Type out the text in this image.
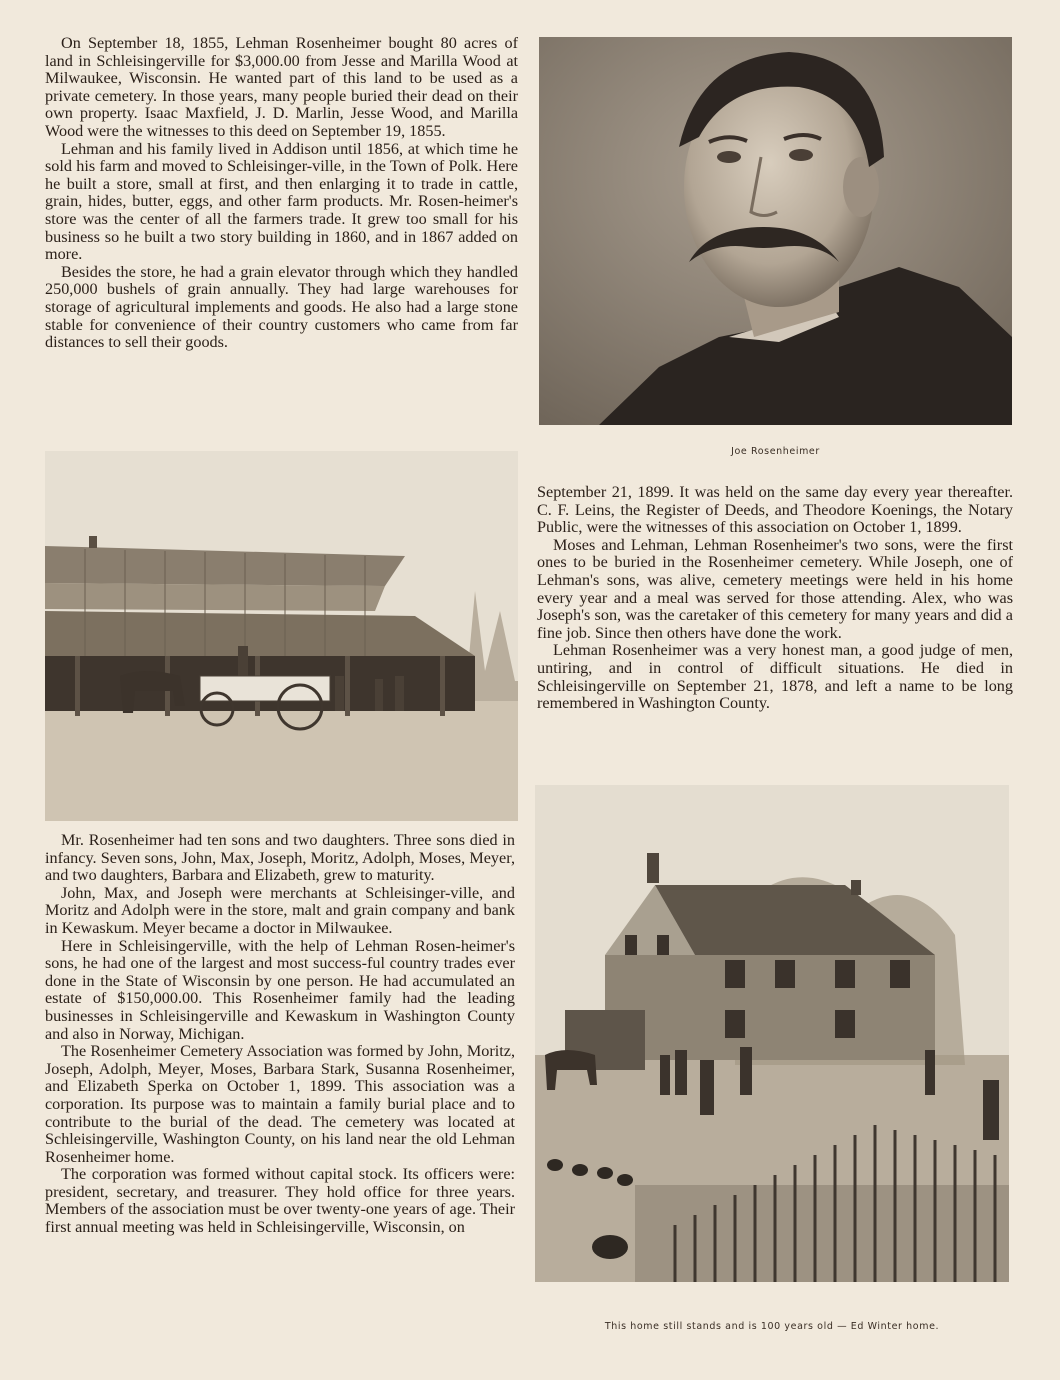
On September 18, 1855, Lehman Rosenheimer bought 80 acres of land in Schleisingerville for $3,000.00 from Jesse and Marilla Wood at Milwaukee, Wisconsin. He wanted part of this land to be used as a private cemetery. In those years, many people buried their dead on their own property. Isaac Maxfield, J. D. Marlin, Jesse Wood, and Marilla Wood were the witnesses to this deed on September 19, 1855.

Lehman and his family lived in Addison until 1856, at which time he sold his farm and moved to Schleisinger-ville, in the Town of Polk. Here he built a store, small at first, and then enlarging it to trade in cattle, grain, hides, butter, eggs, and other farm products. Mr. Rosen-heimer's store was the center of all the farmers trade. It grew too small for his business so he built a two story building in 1860, and in 1867 added on more.

Besides the store, he had a grain elevator through which they handled 250,000 bushels of grain annually. They had large warehouses for storage of agricultural implements and goods. He also had a large stone stable for convenience of their country customers who came from far distances to sell their goods.

Joe Rosenheimer

Mr. Rosenheimer had ten sons and two daughters. Three sons died in infancy. Seven sons, John, Max, Joseph, Moritz, Adolph, Moses, Meyer, and two daughters, Barbara and Elizabeth, grew to maturity.

John, Max, and Joseph were merchants at Schleisinger-ville, and Moritz and Adolph were in the store, malt and grain company and bank in Kewaskum. Meyer became a doctor in Milwaukee.

Here in Schleisingerville, with the help of Lehman Rosen-heimer's sons, he had one of the largest and most success-ful country trades ever done in the State of Wisconsin by one person. He had accumulated an estate of $150,000.00. This Rosenheimer family had the leading businesses in Schleisingerville and Kewaskum in Washington County and also in Norway, Michigan.

The Rosenheimer Cemetery Association was formed by John, Moritz, Joseph, Adolph, Meyer, Moses, Barbara Stark, Susanna Rosenheimer, and Elizabeth Sperka on October 1, 1899. This association was a corporation. Its purpose was to maintain a family burial place and to contribute to the burial of the dead. The cemetery was located at Schleisingerville, Washington County, on his land near the old Lehman Rosenheimer home.

The corporation was formed without capital stock. Its officers were: president, secretary, and treasurer. They hold office for three years. Members of the association must be over twenty-one years of age. Their first annual meeting was held in Schleisingerville, Wisconsin, on

September 21, 1899. It was held on the same day every year thereafter. C. F. Leins, the Register of Deeds, and Theodore Koenings, the Notary Public, were the witnesses of this association on October 1, 1899.

Moses and Lehman, Lehman Rosenheimer's two sons, were the first ones to be buried in the Rosenheimer cemetery. While Joseph, one of Lehman's sons, was alive, cemetery meetings were held in his home every year and a meal was served for those attending. Alex, who was Joseph's son, was the caretaker of this cemetery for many years and did a fine job. Since then others have done the work.

Lehman Rosenheimer was a very honest man, a good judge of men, untiring, and in control of difficult situations. He died in Schleisingerville on September 21, 1878, and left a name to be long remembered in Washington County.

This home still stands and is 100 years old — Ed Winter home.
